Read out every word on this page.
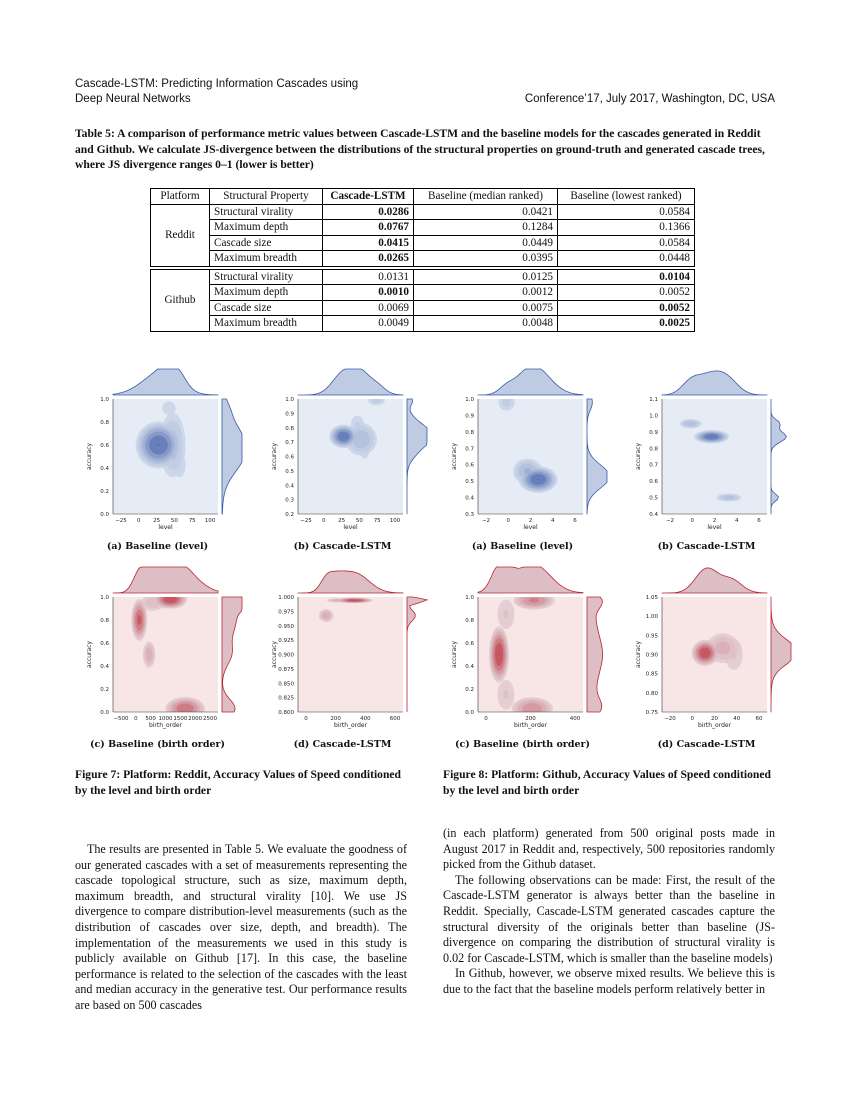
Cascade-LSTM: Predicting Information Cascades using
Deep Neural Networks	Conference’17, July 2017, Washington, DC, USA
Table 5: A comparison of performance metric values between Cascade-LSTM and the baseline models for the cascades generated in Reddit and Github. We calculate JS-divergence between the distributions of the structural properties on ground-truth and generated cascade trees, where JS divergence ranges 0–1 (lower is better)
Platform	Structural Property	Cascade-LSTM	Baseline (median ranked)	Baseline (lowest ranked)
Reddit	Structural virality	0.0286	0.0421	0.0584
	Maximum depth	0.0767	0.1284	0.1366
	Cascade size	0.0415	0.0449	0.0584
	Maximum breadth	0.0265	0.0395	0.0448

Github	Structural virality	0.0131	0.0125	0.0104
	Maximum depth	0.0010	0.0012	0.0052
	Cascade size	0.0069	0.0075	0.0052
	Maximum breadth	0.0049	0.0048	0.0025
−25 0 25 50 75 100
0.0
0.2
0.4
0.6
0.8
1.0
level
accuracy
(a) Baseline (level)
−25 0 25 50 75 100
0.2
0.3
0.4
0.5
0.6
0.7
0.8
0.9
1.0
level
accuracy
(b) Cascade-LSTM
−2	0	2	4	6
0.3
0.4
0.5
0.6
0.7
0.8
0.9
1.0
level
accuracy
(a) Baseline (level)
−2	0	2	4	6
0.4
0.5
0.6
0.7
0.8
0.9
1.0
1.1
level
accuracy
(b) Cascade-LSTM
−500 0 500 1000 1500 2000 2500
0.0
0.2
0.4
0.6
0.8
1.0
birth_order
accuracy
(c) Baseline (birth order)
0	200	400	600
0.800
0.825
0.850
0.875
0.900
0.925
0.950
0.975
1.000
birth_order
accuracy
(d) Cascade-LSTM
0	200	400
0.0
0.2
0.4
0.6
0.8
1.0
birth_order
accuracy
(c) Baseline (birth order)
−20	0	20	40	60
0.75
0.80
0.85
0.90
0.95
1.00
1.05
birth_order
accuracy
(d) Cascade-LSTM
Figure 7: Platform: Reddit, Accuracy Values of Speed conditioned by the level and birth order
Figure 8: Platform: Github, Accuracy Values of Speed conditioned by the level and birth order

The results are presented in Table 5. We evaluate the goodness of our generated cascades with a set of measurements representing the cascade topological structure, such as size, maximum depth, maximum breadth, and structural virality [10]. We use JS divergence to compare distribution-level measurements (such as the distribution of cascades over size, depth, and breadth). The implementation of the measurements we used in this study is publicly available on Github [17]. In this case, the baseline performance is related to the selection of the cascades with the least and median accuracy in the generative test. Our performance results are based on 500 cascades

(in each platform) generated from 500 original posts made in August 2017 in Reddit and, respectively, 500 repositories randomly picked from the Github dataset.

The following observations can be made: First, the result of the Cascade-LSTM generator is always better than the baseline in Reddit. Specially, Cascade-LSTM generated cascades capture the structural diversity of the originals better than baseline (JS-divergence on comparing the distribution of structural virality is 0.02 for Cascade-LSTM, which is smaller than the baseline models)

In Github, however, we observe mixed results. We believe this is due to the fact that the baseline models perform relatively better in
